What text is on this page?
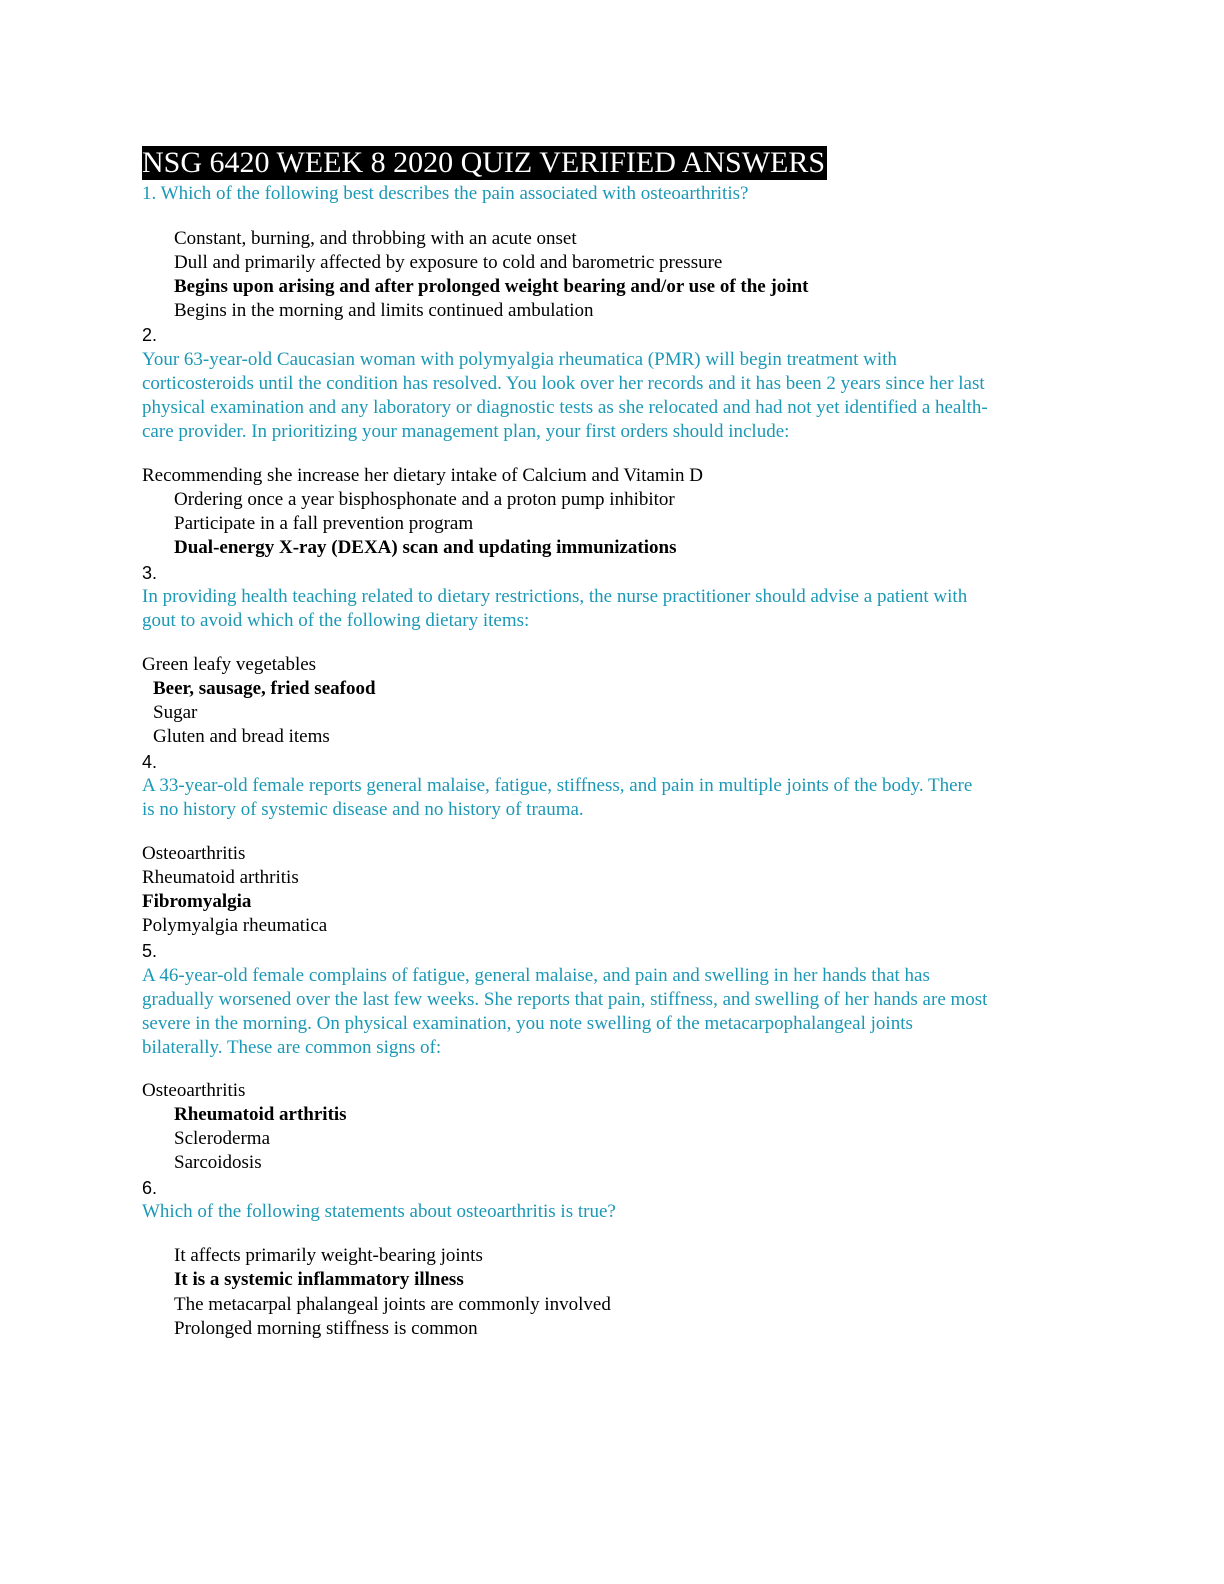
NSG 6420 WEEK 8 2020 QUIZ VERIFIED ANSWERS
1. Which of the following best describes the pain associated with osteoarthritis?
Constant, burning, and throbbing with an acute onset
Dull and primarily affected by exposure to cold and barometric pressure
Begins upon arising and after prolonged weight bearing and/or use of the joint
Begins in the morning and limits continued ambulation
2.
Your 63-year-old Caucasian woman with polymyalgia rheumatica (PMR) will begin treatment with
corticosteroids until the condition has resolved. You look over her records and it has been 2 years since her last
physical examination and any laboratory or diagnostic tests as she relocated and had not yet identified a health-
care provider. In prioritizing your management plan, your first orders should include:
Recommending she increase her dietary intake of Calcium and Vitamin D
Ordering once a year bisphosphonate and a proton pump inhibitor
Participate in a fall prevention program
Dual-energy X-ray (DEXA) scan and updating immunizations
3.
In providing health teaching related to dietary restrictions, the nurse practitioner should advise a patient with
gout to avoid which of the following dietary items:
Green leafy vegetables
Beer, sausage, fried seafood
Sugar
Gluten and bread items
4.
A 33-year-old female reports general malaise, fatigue, stiffness, and pain in multiple joints of the body. There
is no history of systemic disease and no history of trauma.
Osteoarthritis
Rheumatoid arthritis
Fibromyalgia
Polymyalgia rheumatica
5.
A 46-year-old female complains of fatigue, general malaise, and pain and swelling in her hands that has
gradually worsened over the last few weeks. She reports that pain, stiffness, and swelling of her hands are most
severe in the morning. On physical examination, you note swelling of the metacarpophalangeal joints
bilaterally. These are common signs of:
Osteoarthritis
Rheumatoid arthritis
Scleroderma
Sarcoidosis
6.
Which of the following statements about osteoarthritis is true?
It affects primarily weight-bearing joints
It is a systemic inflammatory illness
The metacarpal phalangeal joints are commonly involved
Prolonged morning stiffness is common
